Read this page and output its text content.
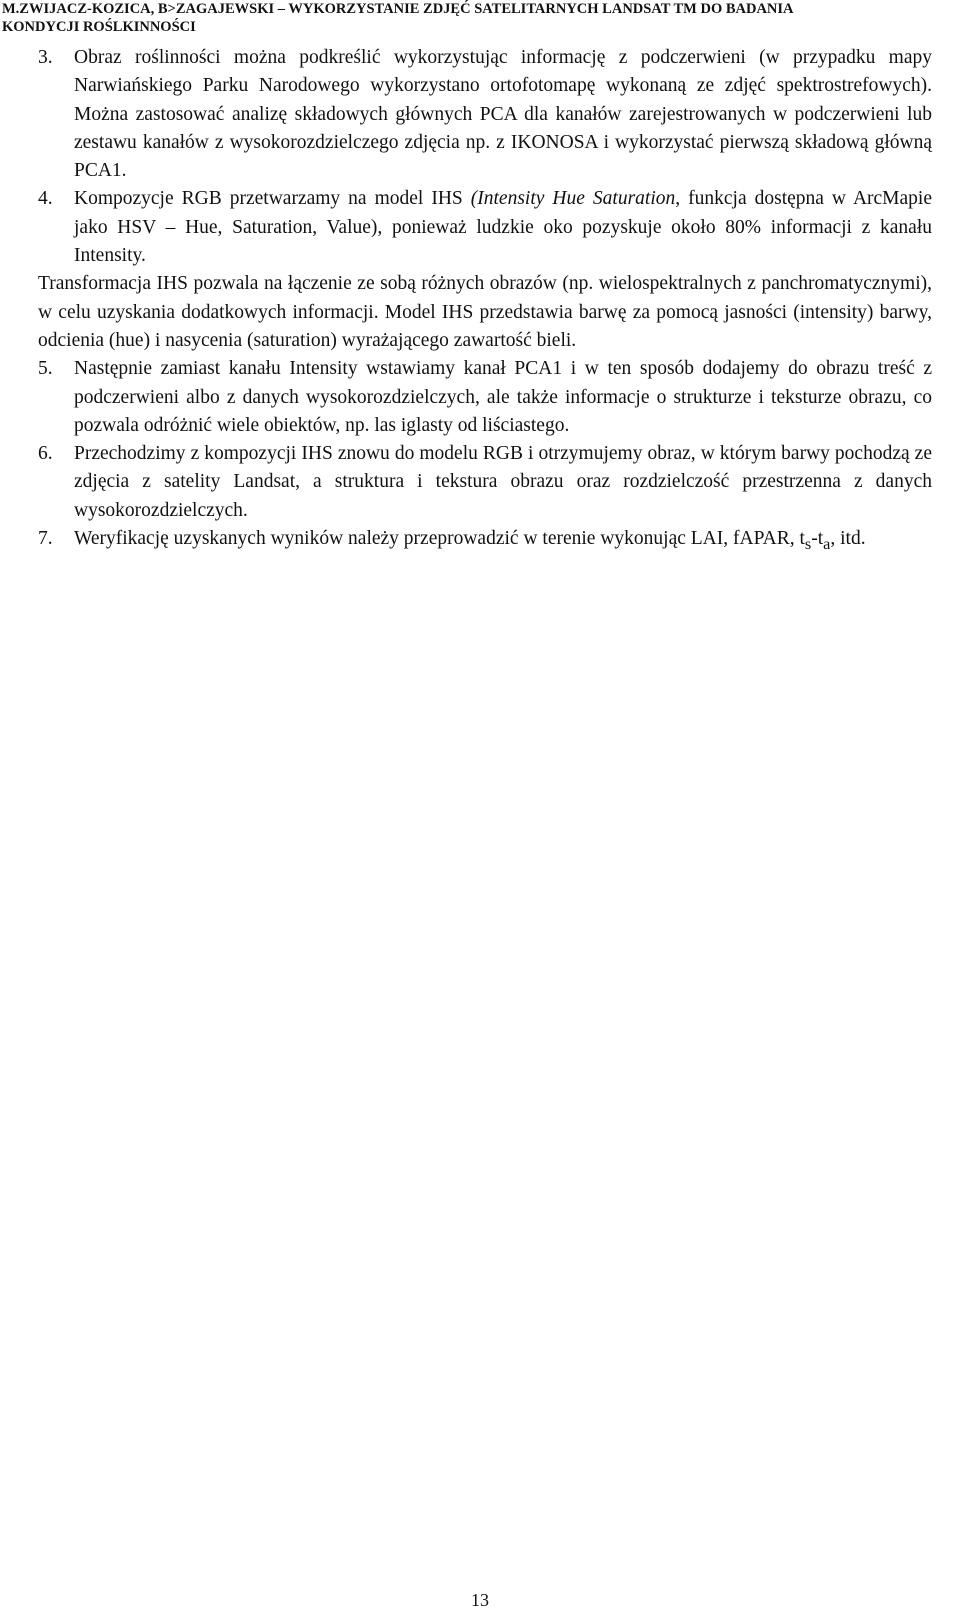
M.ZWIJACZ-KOZICA, B>ZAGAJEWSKI – WYKORZYSTANIE ZDJĘĆ SATELITARNYCH LANDSAT TM DO BADANIA
KONDYCJI ROŚLKINNOŚCI
3.	Obraz roślinności można podkreślić wykorzystując informację z podczerwieni (w przypadku mapy Narwiańskiego Parku Narodowego wykorzystano ortofotomapę wykonaną ze zdjęć spektrostrefowych). Można zastosować analizę składowych głównych PCA dla kanałów zarejestrowanych w podczerwieni lub zestawu kanałów z wysokorozdzielczego zdjęcia np. z IKONOSA i wykorzystać pierwszą składową główną PCA1.
4.	Kompozycje RGB przetwarzamy na model IHS (Intensity Hue Saturation, funkcja dostępna w ArcMapie jako HSV – Hue, Saturation, Value), ponieważ ludzkie oko pozyskuje około 80% informacji z kanału Intensity.
Transformacja IHS pozwala na łączenie ze sobą różnych obrazów (np. wielospektralnych z panchromatycznymi), w celu uzyskania dodatkowych informacji. Model IHS przedstawia barwę za pomocą jasności (intensity) barwy, odcienia (hue) i nasycenia (saturation) wyrażającego zawartość bieli.
5.	Następnie zamiast kanału Intensity wstawiamy kanał PCA1 i w ten sposób dodajemy do obrazu treść z podczerwieni albo z danych wysokorozdzielczych, ale także informacje o strukturze i teksturze obrazu, co pozwala odróżnić wiele obiektów, np. las iglasty od liściastego.
6.	Przechodzimy z kompozycji IHS znowu do modelu RGB i otrzymujemy obraz, w którym barwy pochodzą ze zdjęcia z satelity Landsat, a struktura i tekstura obrazu oraz rozdzielczość przestrzenna z danych wysokorozdzielczych.
7.	Weryfikację uzyskanych wyników należy przeprowadzić w terenie wykonując LAI, fAPAR, $t_s-t_a$, itd.
13
